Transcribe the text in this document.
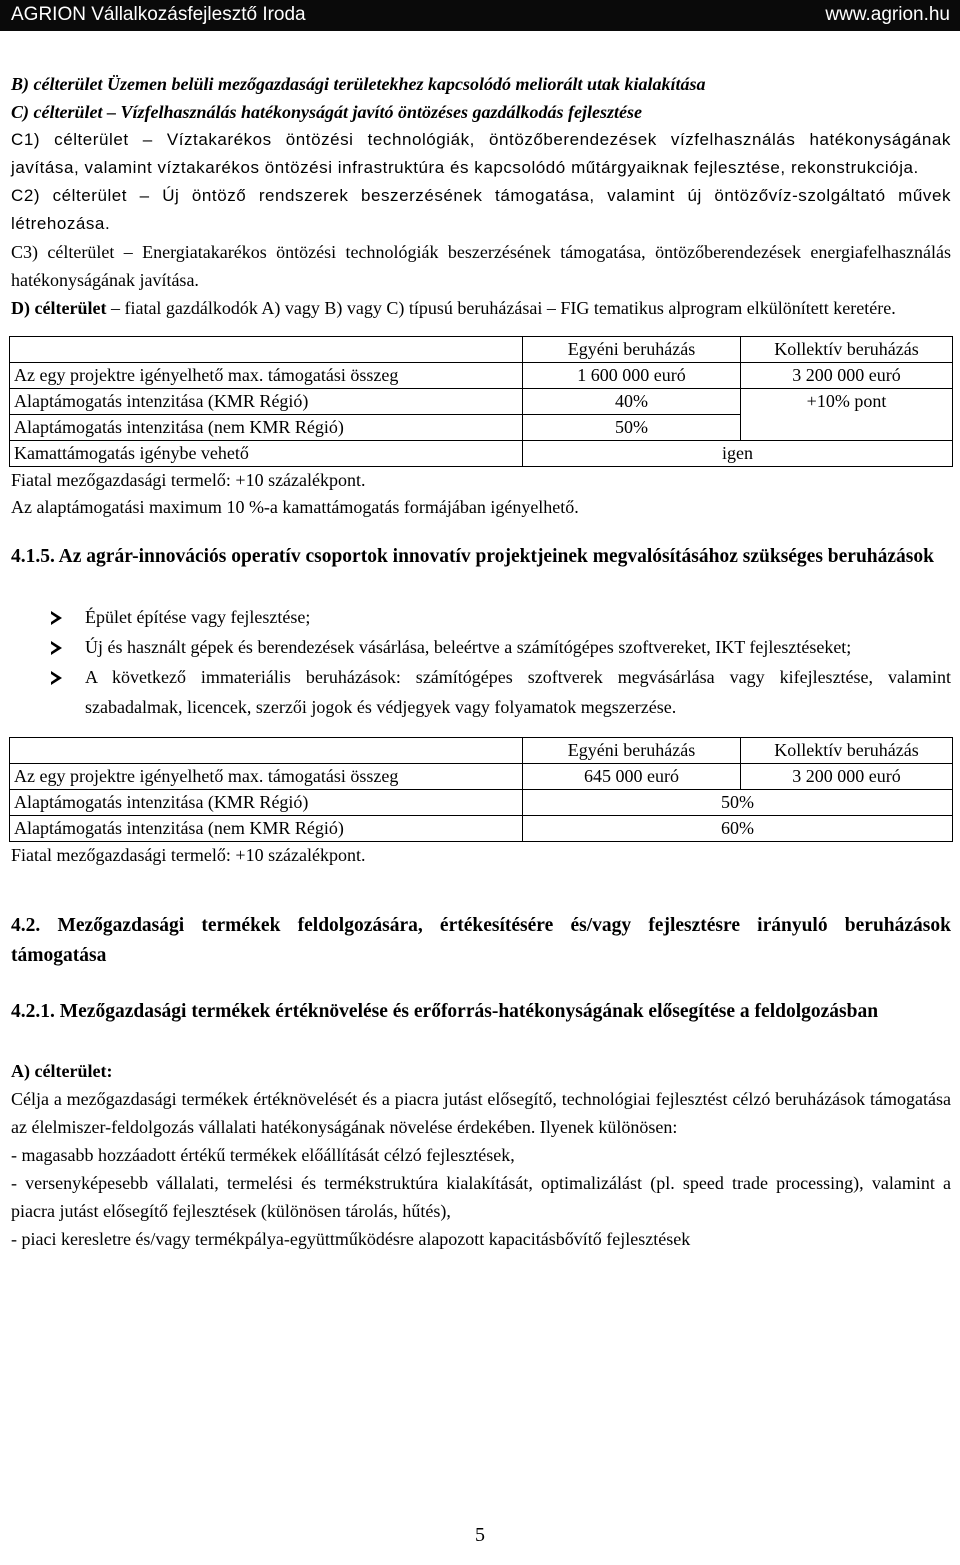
AGRION Vállalkozásfejlesztő Iroda	www.agrion.hu

B) célterület Üzemen belüli mezőgazdasági területekhez kapcsolódó meliorált utak kialakítása

C) célterület – Vízfelhasználás hatékonyságát javító öntözéses gazdálkodás fejlesztése

C1) célterület – Víztakarékos öntözési technológiák, öntözőberendezések vízfelhasználás hatékonyságának javítása, valamint víztakarékos öntözési infrastruktúra és kapcsolódó műtárgyaiknak fejlesztése, rekonstrukciója.

C2) célterület – Új öntöző rendszerek beszerzésének támogatása, valamint új öntözővíz-szolgáltató művek létrehozása.

C3) célterület – Energiatakarékos öntözési technológiák beszerzésének támogatása, öntözőberendezések energiafelhasználás hatékonyságának javítása.

D) célterület – fiatal gazdálkodók A) vagy B) vagy C) típusú beruházásai – FIG tematikus alprogram elkülönített keretére.

	Egyéni beruházás	Kollektív beruházás
Az egy projektre igényelhető max. támogatási összeg	1 600 000 euró	3 200 000 euró
Alaptámogatás intenzitása (KMR Régió)	40%	+10% pont
Alaptámogatás intenzitása (nem KMR Régió)	50%	
Kamattámogatás igénybe vehető	igen	

Fiatal mezőgazdasági termelő: +10 százalékpont.

Az alaptámogatási maximum 10 %-a kamattámogatás formájában igényelhető.

4.1.5. Az agrár-innovációs operatív csoportok innovatív projektjeinek megvalósításához szükséges beruházások

Épület építése vagy fejlesztése;
Új és használt gépek és berendezések vásárlása, beleértve a számítógépes szoftvereket, IKT fejlesztéseket;
A következő immateriális beruházások: számítógépes szoftverek megvásárlása vagy kifejlesztése, valamint szabadalmak, licencek, szerzői jogok és védjegyek vagy folyamatok megszerzése.
	Egyéni beruházás	Kollektív beruházás
Az egy projektre igényelhető max. támogatási összeg	645 000 euró	3 200 000 euró
Alaptámogatás intenzitása (KMR Régió)	50%	
Alaptámogatás intenzitása (nem KMR Régió)	60%	

Fiatal mezőgazdasági termelő: +10 százalékpont.

4.2. Mezőgazdasági termékek feldolgozására, értékesítésére és/vagy fejlesztésre irányuló beruházások támogatása

4.2.1. Mezőgazdasági termékek értéknövelése és erőforrás-hatékonyságának elősegítése a feldolgozásban

A) célterület:

Célja a mezőgazdasági termékek értéknövelését és a piacra jutást elősegítő, technológiai fejlesztést célzó beruházások támogatása az élelmiszer-feldolgozás vállalati hatékonyságának növelése érdekében. Ilyenek különösen:

- magasabb hozzáadott értékű termékek előállítását célzó fejlesztések,

- versenyképesebb vállalati, termelési és termékstruktúra kialakítását, optimalizálást (pl. speed trade processing), valamint a piacra jutást elősegítő fejlesztések (különösen tárolás, hűtés),

- piaci keresletre és/vagy termékpálya-együttműködésre alapozott kapacitásbővítő fejlesztések

5
